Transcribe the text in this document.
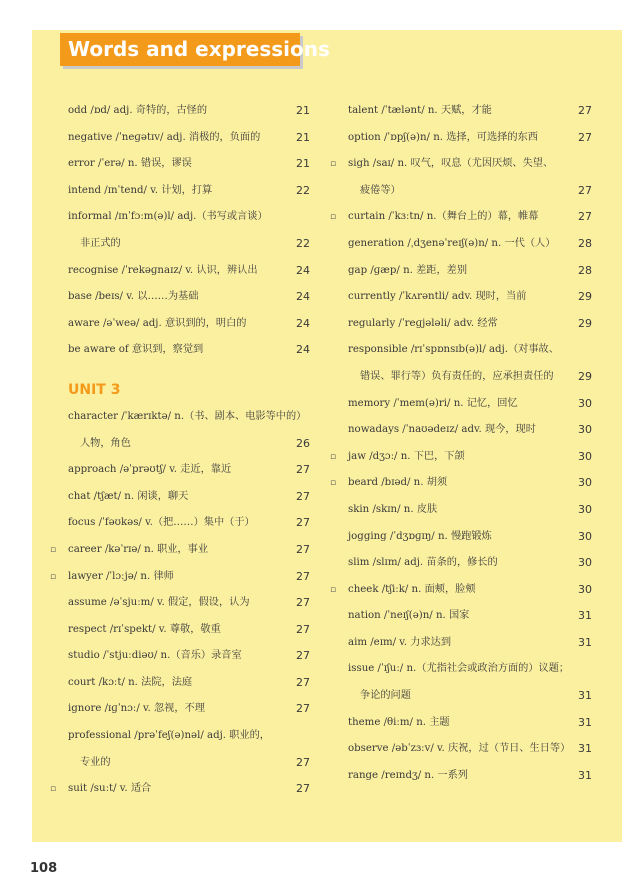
Words and expressions
odd /ɒd/ adj. 奇特的，古怪的	21
negative /ˈneɡətɪv/ adj. 消极的，负面的	21
error /ˈerə/ n. 错误，谬误	21
intend /ɪnˈtend/ v. 计划，打算	22
informal /ɪnˈfɔːm(ə)l/ adj.（书写或言谈）
非正式的	22
recognise /ˈrekəɡnaɪz/ v. 认识，辨认出	24
base /beɪs/ v. 以……为基础	24
aware /əˈweə/ adj. 意识到的，明白的	24
be aware of 意识到，察觉到	24
UNIT 3
character /ˈkærɪktə/ n.（书、剧本、电影等中的）
人物，角色	26
approach /əˈprəʊtʃ/ v. 走近，靠近	27
chat /tʃæt/ n. 闲谈，聊天	27
focus /ˈfəʊkəs/ v.（把……）集中（于）	27
▫ career /kəˈrɪə/ n. 职业，事业	27
▫ lawyer /ˈlɔːjə/ n. 律师	27
assume /əˈsjuːm/ v. 假定，假设，认为	27
respect /rɪˈspekt/ v. 尊敬，敬重	27
studio /ˈstjuːdiəʊ/ n.（音乐）录音室	27
court /kɔːt/ n. 法院，法庭	27
ignore /ɪɡˈnɔː/ v. 忽视，不理	27
professional /prəˈfeʃ(ə)nəl/ adj. 职业的，
专业的	27
▫ suit /suːt/ v. 适合	27
talent /ˈtælənt/ n. 天赋，才能	27
option /ˈɒpʃ(ə)n/ n. 选择，可选择的东西	27
▫ sigh /saɪ/ n. 叹气，叹息（尤因厌烦、失望、
疲倦等）	27
▫ curtain /ˈkɜːtn/ n.（舞台上的）幕，帷幕	27
generation /ˌdʒenəˈreɪʃ(ə)n/ n. 一代（人） 28
gap /ɡæp/ n. 差距，差别	28
currently /ˈkʌrəntli/ adv. 现时，当前	29
regularly /ˈreɡjələli/ adv. 经常	29
responsible /rɪˈspɒnsɪb(ə)l/ adj.（对事故、
错误、罪行等）负有责任的，应承担责任的 29
memory /ˈmem(ə)ri/ n. 记忆，回忆	30
nowadays /ˈnaʊədeɪz/ adv. 现今，现时	30
▫ jaw /dʒɔː/ n. 下巴，下颌	30
▫ beard /bɪəd/ n. 胡须	30
skin /skɪn/ n. 皮肤	30
jogging /ˈdʒɒɡɪŋ/ n. 慢跑锻炼	30
slim /slɪm/ adj. 苗条的，修长的	30
▫ cheek /tʃiːk/ n. 面颊，脸颊	30
nation /ˈneɪʃ(ə)n/ n. 国家	31
aim /eɪm/ v. 力求达到	31
issue /ˈɪʃuː/ n.（尤指社会或政治方面的）议题；
争论的问题	31
theme /θiːm/ n. 主题	31
observe /əbˈzɜːv/ v. 庆祝，过（节日、生日等） 31
range /reɪndʒ/ n. 一系列	31
108
